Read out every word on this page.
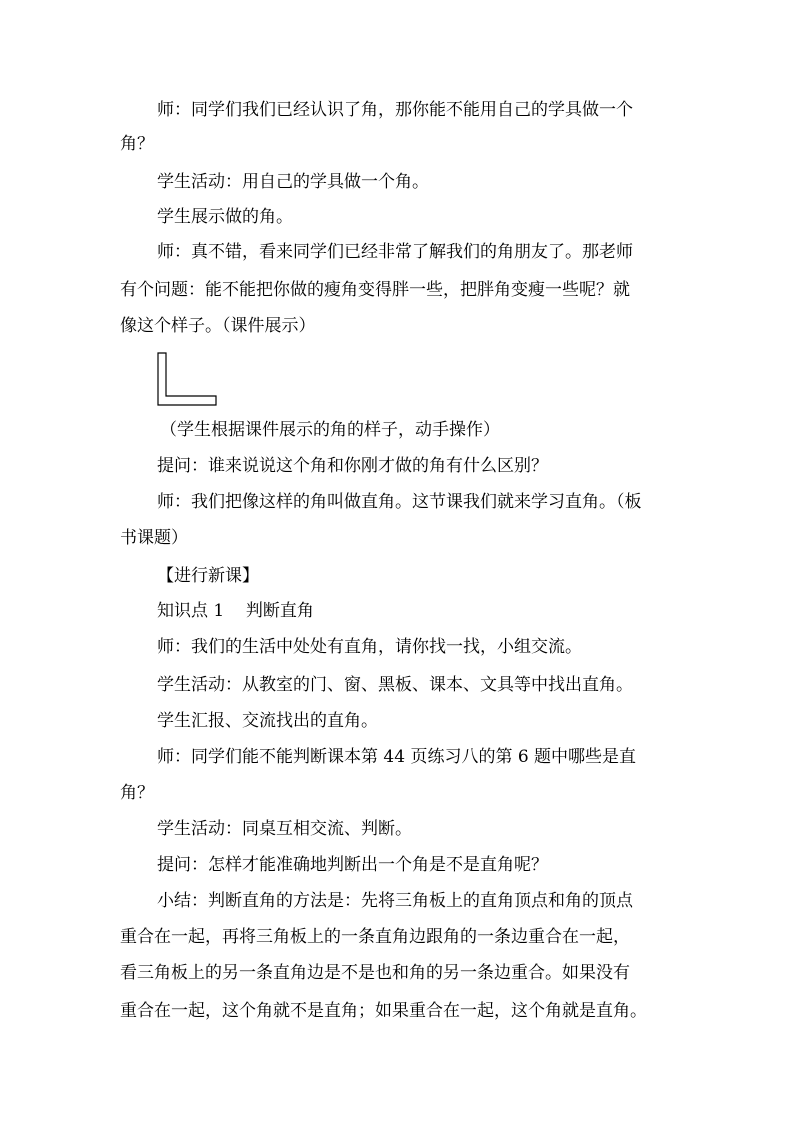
师：同学们我们已经认识了角，那你能不能用自己的学具做一个
角？
学生活动：用自己的学具做一个角。
学生展示做的角。
师：真不错，看来同学们已经非常了解我们的角朋友了。那老师
有个问题：能不能把你做的瘦角变得胖一些，把胖角变瘦一些呢？就
像这个样子。（课件展示）
（学生根据课件展示的角的样子，动手操作）
提问：谁来说说这个角和你刚才做的角有什么区别？
师：我们把像这样的角叫做直角。这节课我们就来学习直角。（板
书课题）
【进行新课】
知识点 1    判断直角
师：我们的生活中处处有直角，请你找一找，小组交流。
学生活动：从教室的门、窗、黑板、课本、文具等中找出直角。
学生汇报、交流找出的直角。
师：同学们能不能判断课本第 44 页练习八的第 6 题中哪些是直
角？
学生活动：同桌互相交流、判断。
提问：怎样才能准确地判断出一个角是不是直角呢？
小结：判断直角的方法是：先将三角板上的直角顶点和角的顶点
重合在一起，再将三角板上的一条直角边跟角的一条边重合在一起，
看三角板上的另一条直角边是不是也和角的另一条边重合。如果没有
重合在一起，这个角就不是直角；如果重合在一起，这个角就是直角。
